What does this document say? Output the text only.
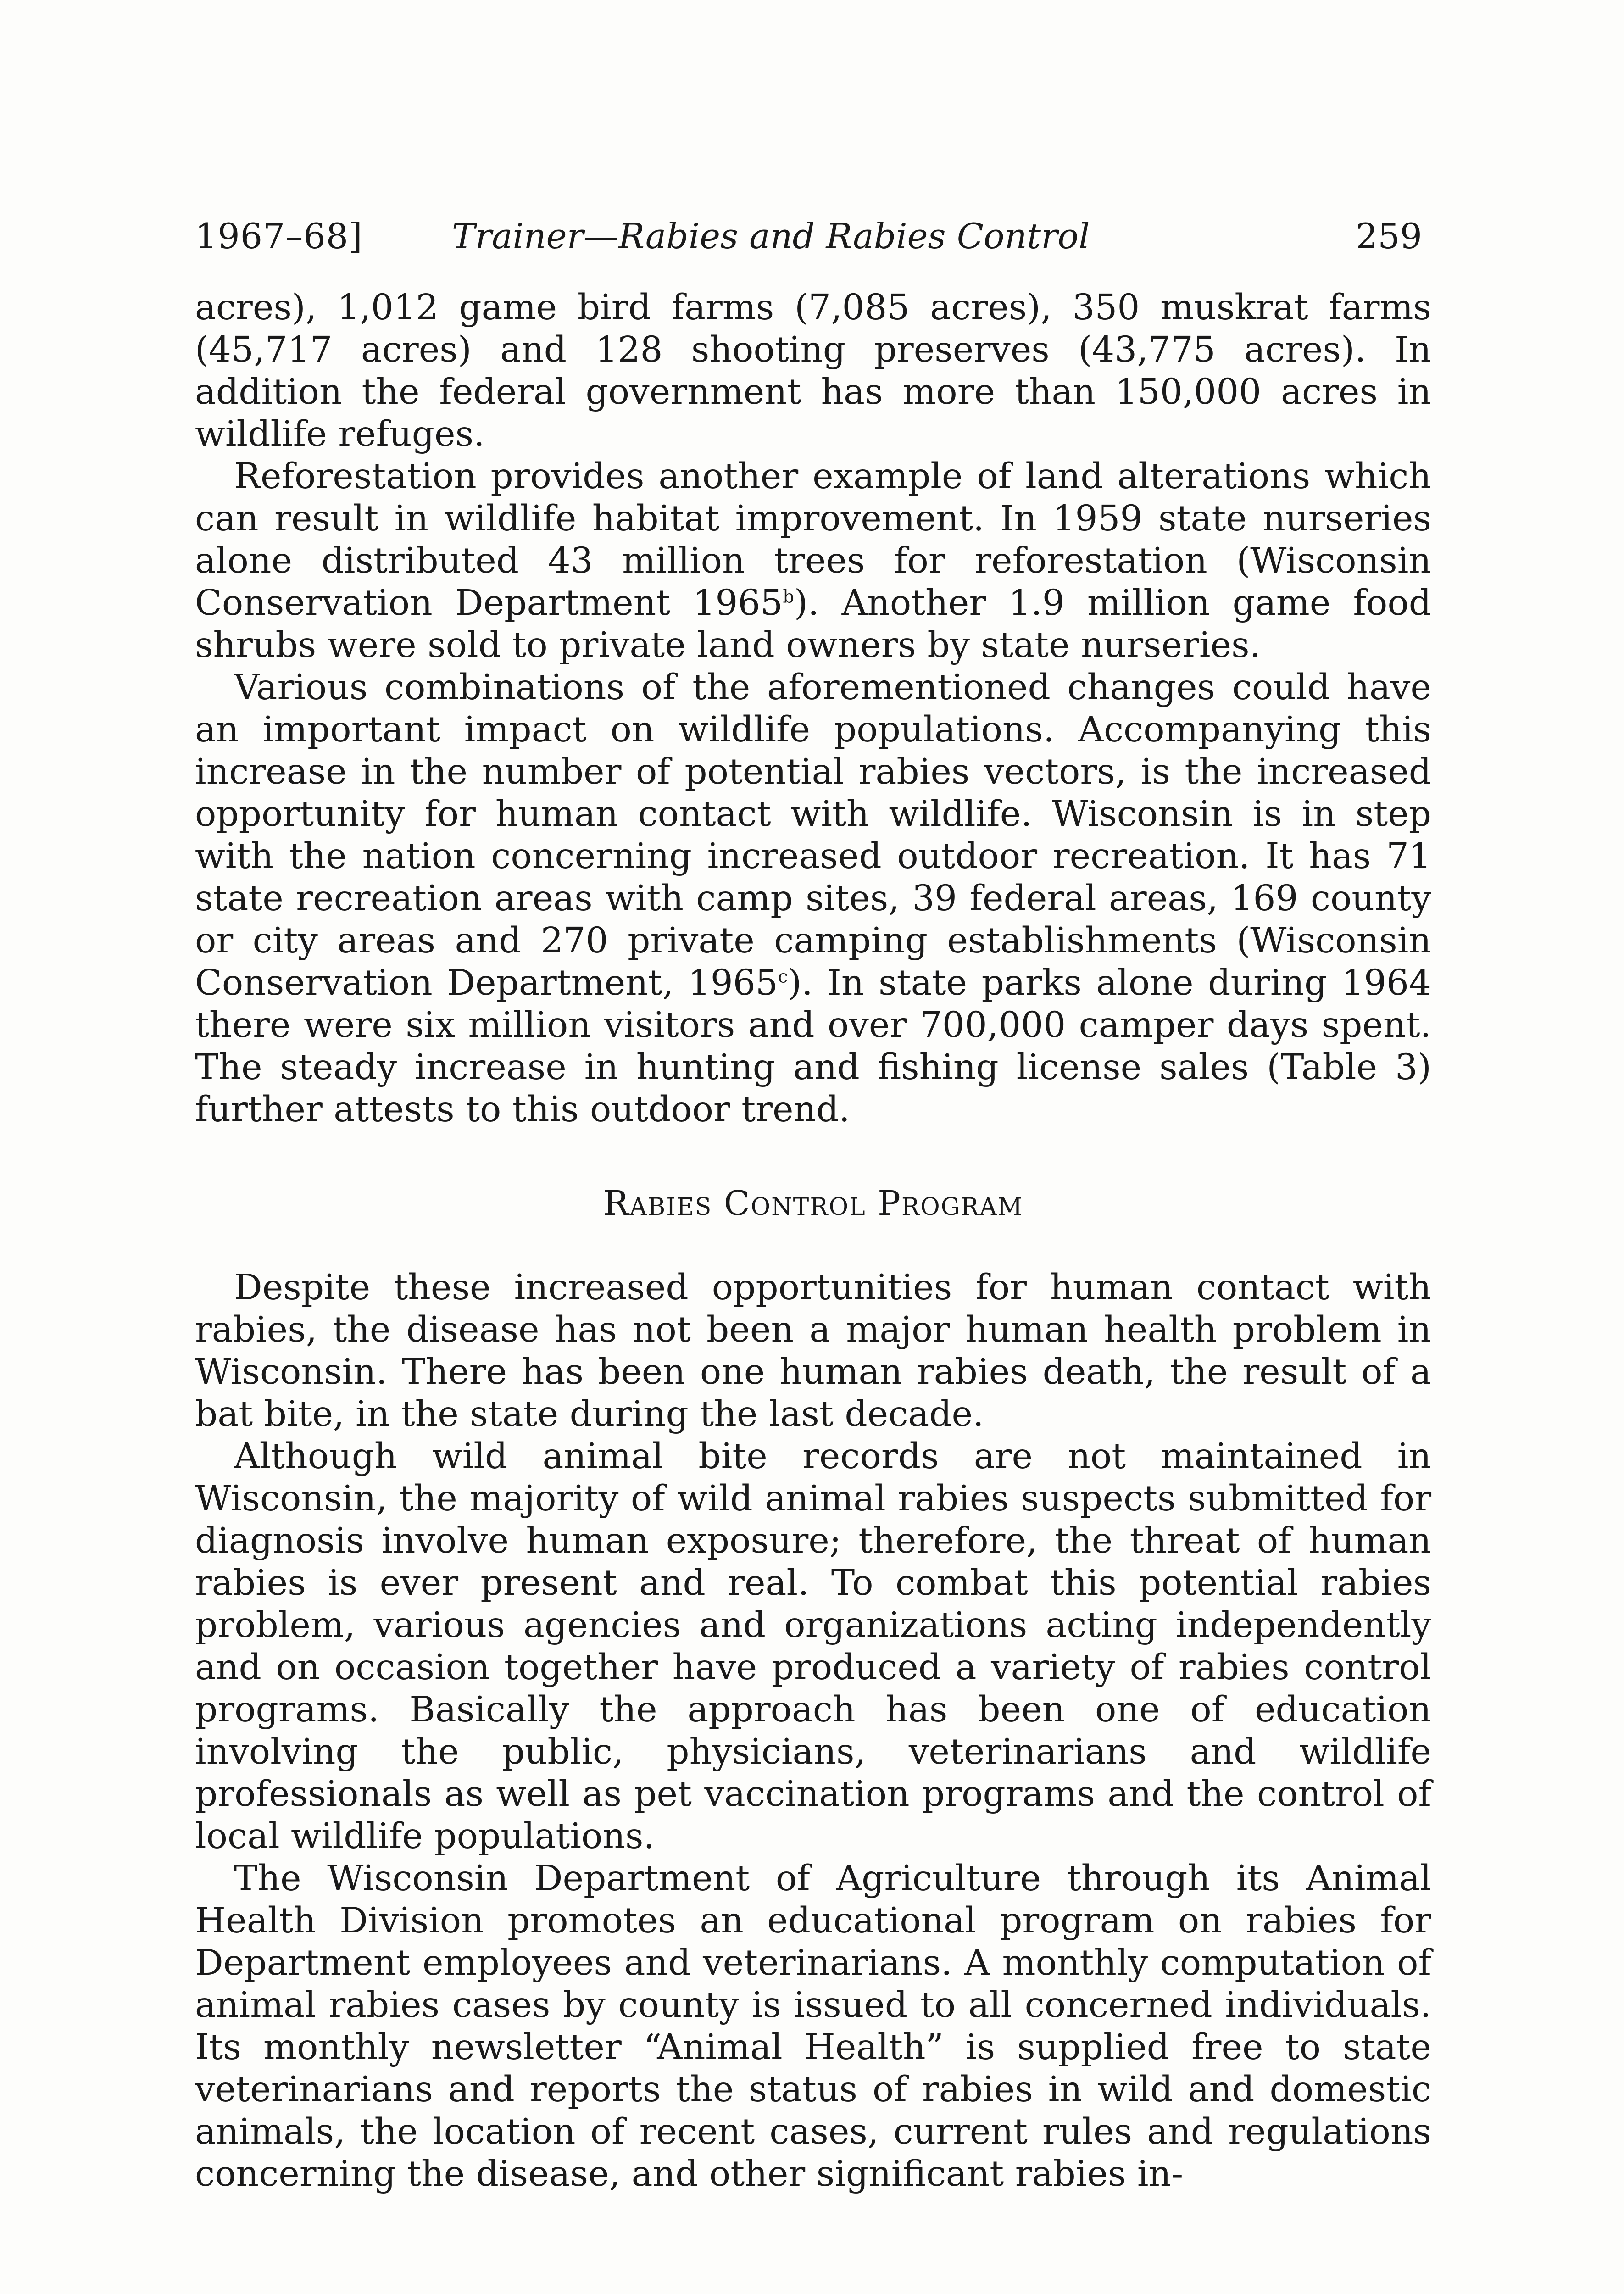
1967–68]	Trainer—Rabies and Rabies Control	259

acres), 1,012 game bird farms (7,085 acres), 350 muskrat farms (45,717 acres) and 128 shooting preserves (43,775 acres). In addition the federal government has more than 150,000 acres in wildlife refuges.

Reforestation provides another example of land alterations which can result in wildlife habitat improvement. In 1959 state nurseries alone distributed 43 million trees for reforestation (Wisconsin Conservation Department 1965$^b$). Another 1.9 million game food shrubs were sold to private land owners by state nurseries.

Various combinations of the aforementioned changes could have an important impact on wildlife populations. Accompanying this increase in the number of potential rabies vectors, is the increased opportunity for human contact with wildlife. Wisconsin is in step with the nation concerning increased outdoor recreation. It has 71 state recreation areas with camp sites, 39 federal areas, 169 county or city areas and 270 private camping establishments (Wisconsin Conservation Department, 1965$^c$). In state parks alone during 1964 there were six million visitors and over 700,000 camper days spent. The steady increase in hunting and fishing license sales (Table 3) further attests to this outdoor trend.

Rabies Control Program

Despite these increased opportunities for human contact with rabies, the disease has not been a major human health problem in Wisconsin. There has been one human rabies death, the result of a bat bite, in the state during the last decade.

Although wild animal bite records are not maintained in Wisconsin, the majority of wild animal rabies suspects submitted for diagnosis involve human exposure; therefore, the threat of human rabies is ever present and real. To combat this potential rabies problem, various agencies and organizations acting independently and on occasion together have produced a variety of rabies control programs. Basically the approach has been one of education involving the public, physicians, veterinarians and wildlife professionals as well as pet vaccination programs and the control of local wildlife populations.

The Wisconsin Department of Agriculture through its Animal Health Division promotes an educational program on rabies for Department employees and veterinarians. A monthly computation of animal rabies cases by county is issued to all concerned individuals. Its monthly newsletter “Animal Health” is supplied free to state veterinarians and reports the status of rabies in wild and domestic animals, the location of recent cases, current rules and regulations concerning the disease, and other significant rabies in-
